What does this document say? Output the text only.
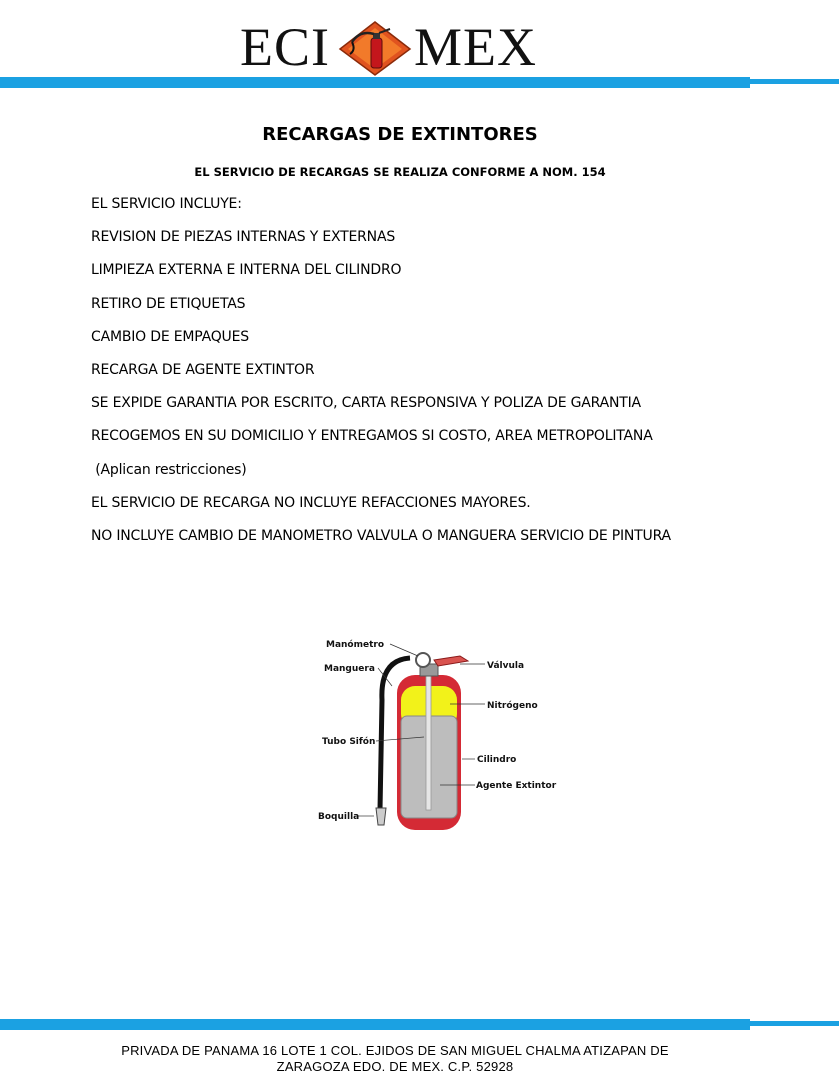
ECI MEX
RECARGAS DE EXTINTORES
EL SERVICIO DE RECARGAS SE REALIZA CONFORME A NOM. 154
EL SERVICIO INCLUYE:
REVISION DE PIEZAS INTERNAS Y EXTERNAS
LIMPIEZA EXTERNA E INTERNA DEL CILINDRO
RETIRO DE ETIQUETAS
CAMBIO DE EMPAQUES
RECARGA DE AGENTE EXTINTOR
SE EXPIDE GARANTIA POR ESCRITO, CARTA RESPONSIVA Y POLIZA DE GARANTIA
RECOGEMOS EN SU DOMICILIO Y ENTREGAMOS SI COSTO, AREA METROPOLITANA
(Aplican restricciones)
EL SERVICIO DE RECARGA NO INCLUYE REFACCIONES MAYORES.
NO INCLUYE CAMBIO DE MANOMETRO VALVULA O MANGUERA SERVICIO DE PINTURA
Manómetro
Manguera	Válvula
Nitrógeno
Tubo Sifón
Cilindro
Agente Extintor
Boquilla
PRIVADA DE PANAMA 16 LOTE 1 COL. EJIDOS DE SAN MIGUEL CHALMA ATIZAPAN DE
ZARAGOZA EDO. DE MEX. C.P. 52928
